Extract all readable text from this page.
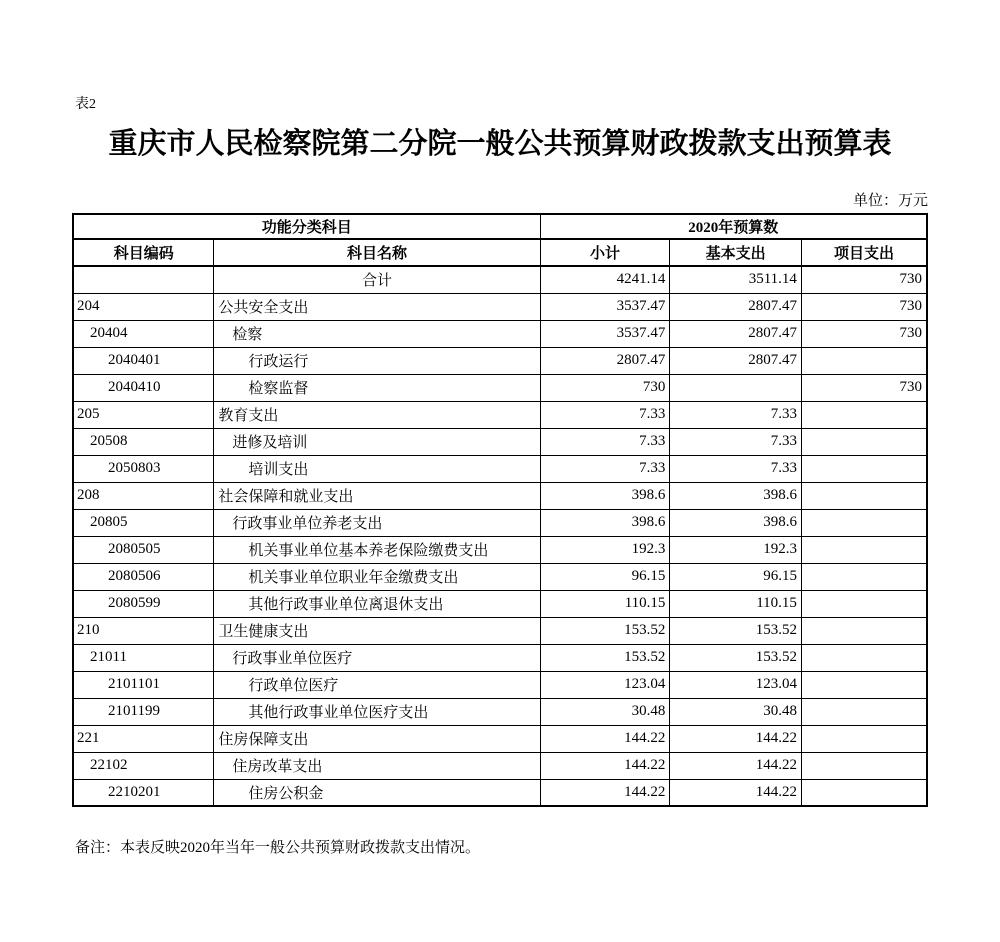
表2
重庆市人民检察院第二分院一般公共预算财政拨款支出预算表
单位：万元
功能分类科目		2020年预算数		
科目编码	科目名称	小计	基本支出	项目支出
	合计	4241.14	3511.14	730
204	公共安全支出	3537.47	2807.47	730
20404	检察	3537.47	2807.47	730
2040401	行政运行	2807.47	2807.47	
2040410	检察监督	730		730
205	教育支出	7.33	7.33	
20508	进修及培训	7.33	7.33	
2050803	培训支出	7.33	7.33	
208	社会保障和就业支出	398.6	398.6	
20805	行政事业单位养老支出	398.6	398.6	
2080505	机关事业单位基本养老保险缴费支出	192.3	192.3	
2080506	机关事业单位职业年金缴费支出	96.15	96.15	
2080599	其他行政事业单位离退休支出	110.15	110.15	
210	卫生健康支出	153.52	153.52	
21011	行政事业单位医疗	153.52	153.52	
2101101	行政单位医疗	123.04	123.04	
2101199	其他行政事业单位医疗支出	30.48	30.48	
221	住房保障支出	144.22	144.22	
22102	住房改革支出	144.22	144.22	
2210201	住房公积金	144.22	144.22	
备注：本表反映2020年当年一般公共预算财政拨款支出情况。
